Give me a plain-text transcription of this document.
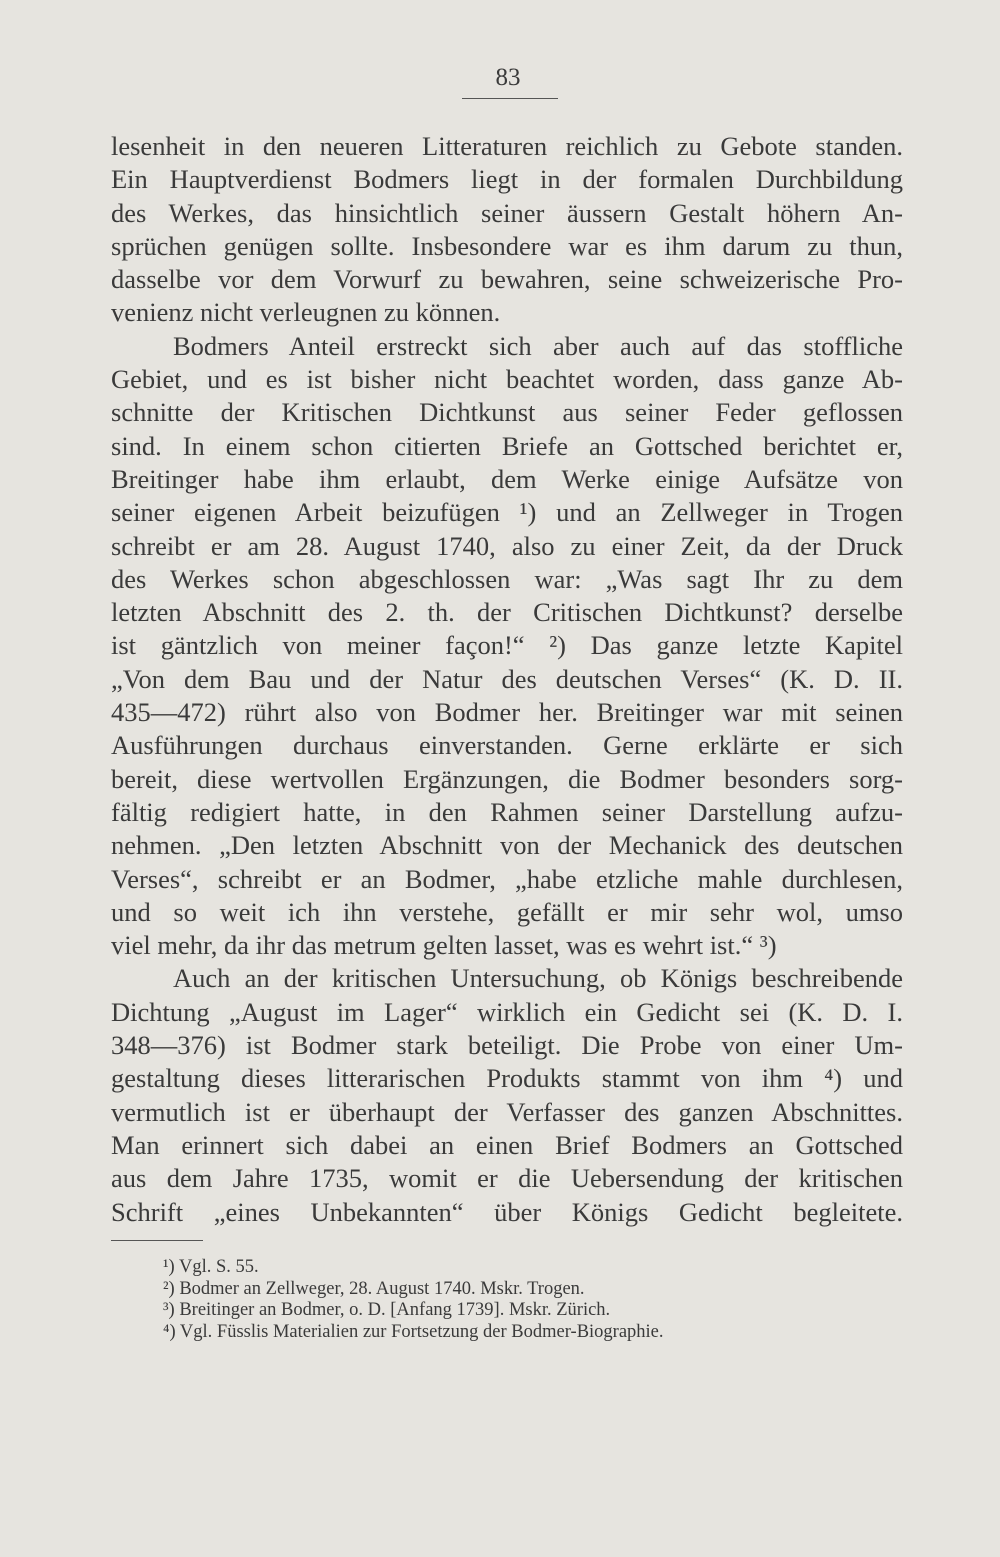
83
lesenheit in den neueren Litteraturen reichlich zu Gebote standen.
Ein Hauptverdienst Bodmers liegt in der formalen Durchbildung
des Werkes, das hinsichtlich seiner äussern Gestalt höhern An-
sprüchen genügen sollte. Insbesondere war es ihm darum zu thun,
dasselbe vor dem Vorwurf zu bewahren, seine schweizerische Pro-
venienz nicht verleugnen zu können.
Bodmers Anteil erstreckt sich aber auch auf das stoffliche
Gebiet, und es ist bisher nicht beachtet worden, dass ganze Ab-
schnitte der Kritischen Dichtkunst aus seiner Feder geflossen
sind. In einem schon citierten Briefe an Gottsched berichtet er,
Breitinger habe ihm erlaubt, dem Werke einige Aufsätze von
seiner eigenen Arbeit beizufügen ¹) und an Zellweger in Trogen
schreibt er am 28. August 1740, also zu einer Zeit, da der Druck
des Werkes schon abgeschlossen war: „Was sagt Ihr zu dem
letzten Abschnitt des 2. th. der Critischen Dichtkunst? derselbe
ist gäntzlich von meiner façon!“ ²) Das ganze letzte Kapitel
„Von dem Bau und der Natur des deutschen Verses“ (K. D. II.
435—472) rührt also von Bodmer her. Breitinger war mit seinen
Ausführungen durchaus einverstanden. Gerne erklärte er sich
bereit, diese wertvollen Ergänzungen, die Bodmer besonders sorg-
fältig redigiert hatte, in den Rahmen seiner Darstellung aufzu-
nehmen. „Den letzten Abschnitt von der Mechanick des deutschen
Verses“, schreibt er an Bodmer, „habe etzliche mahle durchlesen,
und so weit ich ihn verstehe, gefällt er mir sehr wol, umso
viel mehr, da ihr das metrum gelten lasset, was es wehrt ist.“ ³)
Auch an der kritischen Untersuchung, ob Königs beschreibende
Dichtung „August im Lager“ wirklich ein Gedicht sei (K. D. I.
348—376) ist Bodmer stark beteiligt. Die Probe von einer Um-
gestaltung dieses litterarischen Produkts stammt von ihm ⁴) und
vermutlich ist er überhaupt der Verfasser des ganzen Abschnittes.
Man erinnert sich dabei an einen Brief Bodmers an Gottsched
aus dem Jahre 1735, womit er die Uebersendung der kritischen
Schrift „eines Unbekannten“ über Königs Gedicht begleitete.
¹) Vgl. S. 55.
²) Bodmer an Zellweger, 28. August 1740. Mskr. Trogen.
³) Breitinger an Bodmer, o. D. [Anfang 1739]. Mskr. Zürich.
⁴) Vgl. Füsslis Materialien zur Fortsetzung der Bodmer-Biographie.
